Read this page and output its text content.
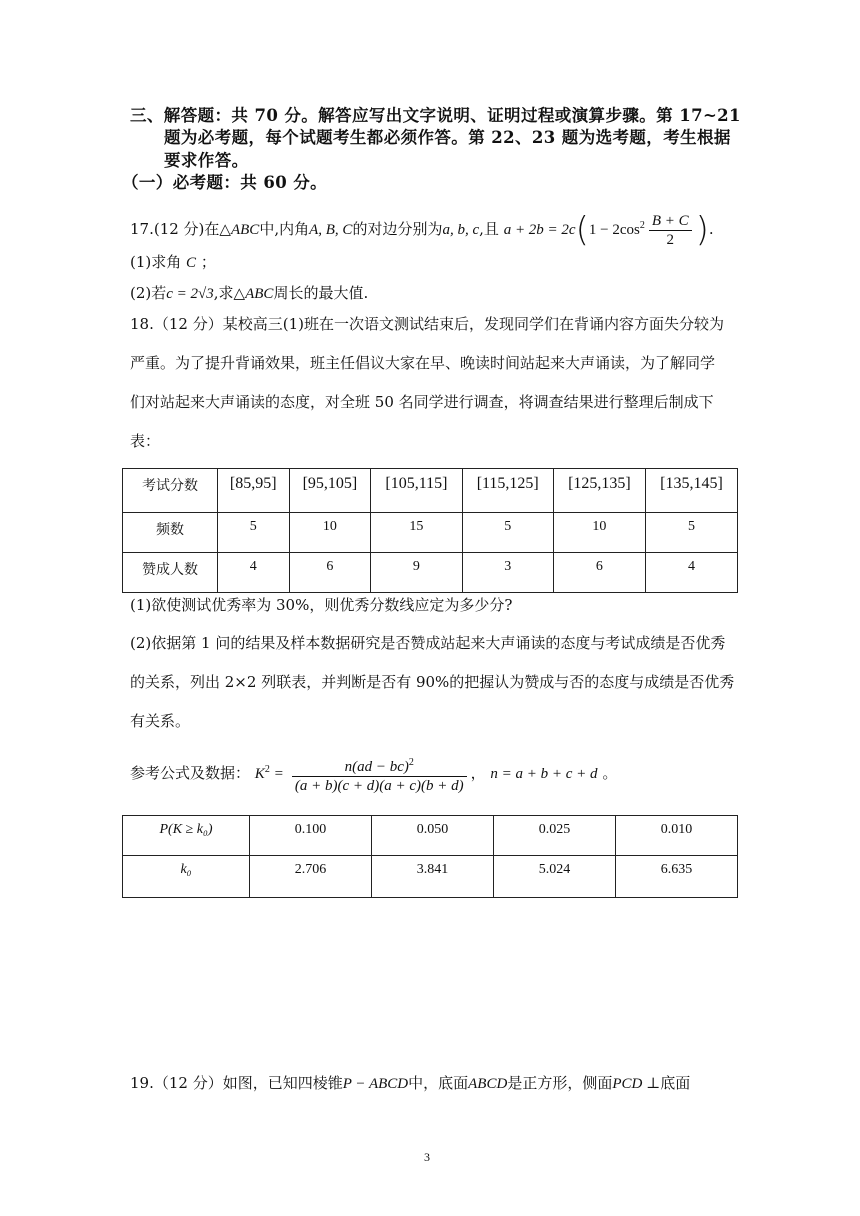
三、解答题：共 70 分。解答应写出文字说明、证明过程或演算步骤。第 17~21
题为必考题，每个试题考生都必须作答。第 22、23 题为选考题，考生根据
要求作答。
（一）必考题：共 60 分。
17.(12 分)在△ABC中,内角A, B, C的对边分别为a, b, c,且 $a + 2b = 2c(1 - 2\cos^2 \frac{B + C}{2}$ ).
(1)求角 C ；
(2)若c = 2√3,求△ABC周长的最大值.
18.（12 分）某校高三(1)班在一次语文测试结束后，发现同学们在背诵内容方面失分较为
严重。为了提升背诵效果，班主任倡议大家在早、晚读时间站起来大声诵读，为了解同学
们对站起来大声诵读的态度，对全班 50 名同学进行调查，将调查结果进行整理后制成下
表：
考试分数	[85,95]	[95,105]	[105,115]	[115,125]	[125,135]	[135,145]
频数	5	10	15	5	10	5
赞成人数	4	6	9	3	6	4
(1)欲使测试优秀率为 30%，则优秀分数线应定为多少分?
(2)依据第 1 问的结果及样本数据研究是否赞成站起来大声诵读的态度与考试成绩是否优秀
的关系，列出 2×2 列联表，并判断是否有 90%的把握认为赞成与否的态度与成绩是否优秀
有关系。
参考公式及数据： $K^2 = \frac{n(ad - bc)^2}{(a + b)(c + d)(a + c)(b + d)}$ ， n = a + b + c + d 。
P(K ≥ k₀)	0.100	0.050	0.025	0.010
k₀	2.706	3.841	5.024	6.635
19.（12 分）如图，已知四棱锥P − ABCD中，底面ABCD是正方形，侧面PCD ⊥底面
3
